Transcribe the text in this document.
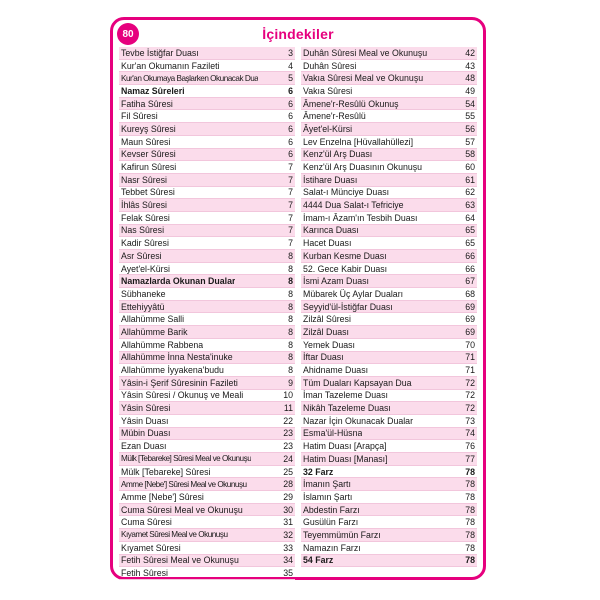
80	İçindekiler
Tevbe İstiğfar Duası	3
Kur'an Okumanın Fazileti	4
Kur'an Okumaya Başlarken Okunacak Dua	5
Namaz Sûreleri	6
Fatiha Sûresi	6
Fil Sûresi	6
Kureyş Sûresi	6
Maun Sûresi	6
Kevser Sûresi	6
Kafirun Sûresi	7
Nasr Sûresi	7
Tebbet Sûresi	7
İhlâs Sûresi	7
Felak Sûresi	7
Nas Sûresi	7
Kadir Sûresi	7
Asr Sûresi	8
Ayet'el-Kürsi	8
Namazlarda Okunan Dualar	8
Sübhaneke	8
Ettehiyyâtü	8
Allahümme Salli	8
Allahümme Barik	8
Allahümme Rabbena	8
Allahümme İnna Nesta'inuke	8
Allahümme İyyakena'budu	8
Yâsin-i Şerif Sûresinin Fazileti	9
Yâsin Sûresi / Okunuş ve Meali	10
Yâsin Sûresi	11
Yâsin Duası	22
Mübin Duası	23
Ezan Duası	23
Mülk [Tebareke] Sûresi Meal ve Okunuşu	24
Mülk [Tebareke] Sûresi	25
Amme [Nebe'] Sûresi Meal ve Okunuşu	28
Amme [Nebe'] Sûresi	29
Cuma Sûresi Meal ve Okunuşu	30
Cuma Sûresi	31
Kıyamet Sûresi Meal ve Okunuşu	32
Kıyamet Sûresi	33
Fetih Sûresi Meal ve Okunuşu	34
Fetih Sûresi	35
Duhân Sûresi Meal ve Okunuşu	42
Duhân Sûresi	43
Vakıa Sûresi Meal ve Okunuşu	48
Vakıa Sûresi	49
Âmene'r-Resûlü Okunuş	54
Âmene'r-Resûlü	55
Âyet'el-Kürsi	56
Lev Enzelna [Hüvallahüllezi]	57
Kenz'ül Arş Duası	58
Kenz'ül Arş Duasının Okunuşu	60
İstihare Duası	61
Salat-ı Münciye Duası	62
4444 Dua Salat-ı Tefriciye	63
İmam-ı Âzam'ın Tesbih Duası	64
Karınca Duası	65
Hacet Duası	65
Kurban Kesme Duası	66
52. Gece Kabir Duası	66
İsmi Azam Duası	67
Mübarek Üç Aylar Duaları	68
Seyyid'ül-İstiğfar Duası	69
Zilzâl Sûresi	69
Zilzâl Duası	69
Yemek Duası	70
İftar Duası	71
Ahidname Duası	71
Tüm Duaları Kapsayan Dua	72
İman Tazeleme Duası	72
Nikâh Tazeleme Duası	72
Nazar İçin Okunacak Dualar	73
Esma'ül-Hüsna	74
Hatim Duası [Arapça]	76
Hatim Duası [Manası]	77
32 Farz	78
İmanın Şartı	78
İslamın Şartı	78
Abdestin Farzı	78
Gusülün Farzı	78
Teyemmümün Farzı	78
Namazın Farzı	78
54 Farz	78
